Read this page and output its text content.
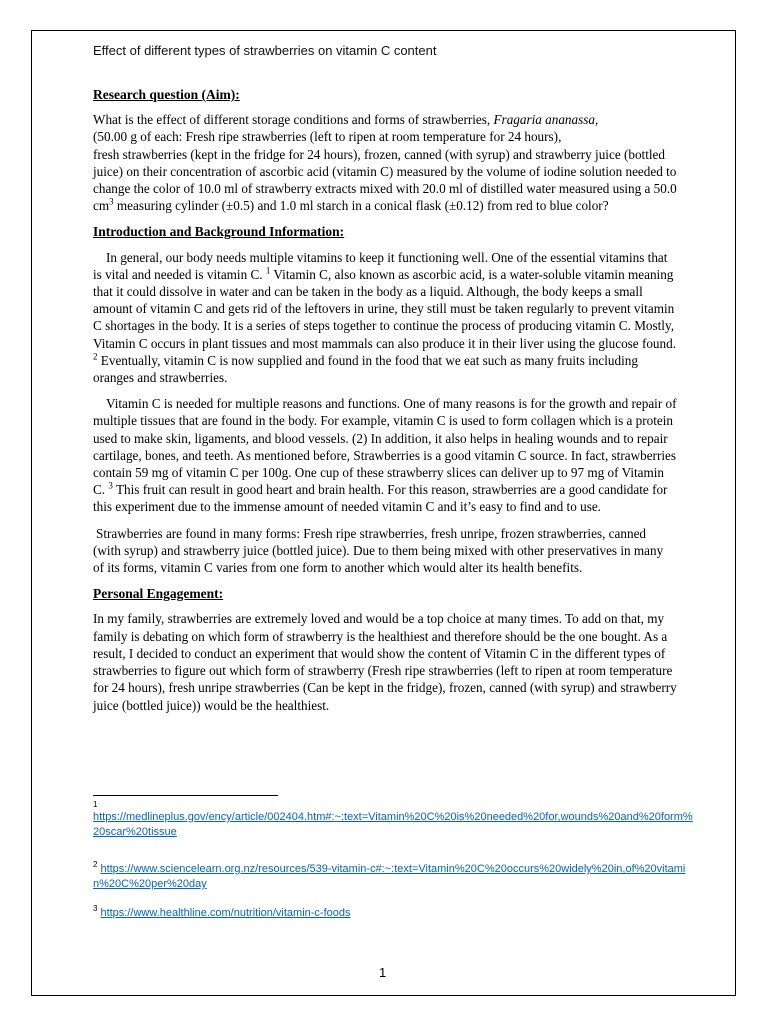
Effect of different types of strawberries on vitamin C content
Research question (Aim):

What is the effect of different storage conditions and forms of strawberries, Fragaria ananassa,
(50.00 g of each: Fresh ripe strawberries (left to ripen at room temperature for 24 hours),
fresh strawberries (kept in the fridge for 24 hours), frozen, canned (with syrup) and strawberry juice (bottled juice) on their concentration of ascorbic acid (vitamin C) measured by the volume of iodine solution needed to change the color of 10.0 ml of strawberry extracts mixed with 20.0 ml of distilled water measured using a 50.0 $cm^3$ measuring cylinder (±0.5) and 1.0 ml starch in a conical flask (±0.12) from red to blue color?

Introduction and Background Information:

In general, our body needs multiple vitamins to keep it functioning well. One of the essential vitamins that is vital and needed is vitamin C. $^1$ Vitamin C, also known as ascorbic acid, is a water-soluble vitamin meaning that it could dissolve in water and can be taken in the body as a liquid. Although, the body keeps a small amount of vitamin C and gets rid of the leftovers in urine, they still must be taken regularly to prevent vitamin C shortages in the body. It is a series of steps together to continue the process of producing vitamin C. Mostly, Vitamin C occurs in plant tissues and most mammals can also produce it in their liver using the glucose found. $^2$ Eventually, vitamin C is now supplied and found in the food that we eat such as many fruits including oranges and strawberries.

Vitamin C is needed for multiple reasons and functions. One of many reasons is for the growth and repair of multiple tissues that are found in the body. For example, vitamin C is used to form collagen which is a protein used to make skin, ligaments, and blood vessels. (2) In addition, it also helps in healing wounds and to repair cartilage, bones, and teeth. As mentioned before, Strawberries is a good vitamin C source. In fact, strawberries contain 59 mg of vitamin C per 100g. One cup of these strawberry slices can deliver up to 97 mg of Vitamin C. $^3$ This fruit can result in good heart and brain health. For this reason, strawberries are a good candidate for this experiment due to the immense amount of needed vitamin C and it’s easy to find and to use.

Strawberries are found in many forms: Fresh ripe strawberries, fresh unripe, frozen strawberries, canned (with syrup) and strawberry juice (bottled juice). Due to them being mixed with other preservatives in many of its forms, vitamin C varies from one form to another which would alter its health benefits.

Personal Engagement:

In my family, strawberries are extremely loved and would be a top choice at many times. To add on that, my family is debating on which form of strawberry is the healthiest and therefore should be the one bought. As a result, I decided to conduct an experiment that would show the content of Vitamin C in the different types of strawberries to figure out which form of strawberry (Fresh ripe strawberries (left to ripen at room temperature for 24 hours), fresh unripe strawberries (Can be kept in the fridge), frozen, canned (with syrup) and strawberry juice (bottled juice)) would be the healthiest.

1
https://medlineplus.gov/ency/article/002404.htm#:~:text=Vitamin%20C%20is%20needed%20for,wounds%20and%20form%20scar%20tissue
$^2$ https://www.sciencelearn.org.nz/resources/539-vitamin-c#:~:text=Vitamin%20C%20occurs%20widely%20in,of%20vitamin%20C%20per%20day
$^3$ https://www.healthline.com/nutrition/vitamin-c-foods
1
